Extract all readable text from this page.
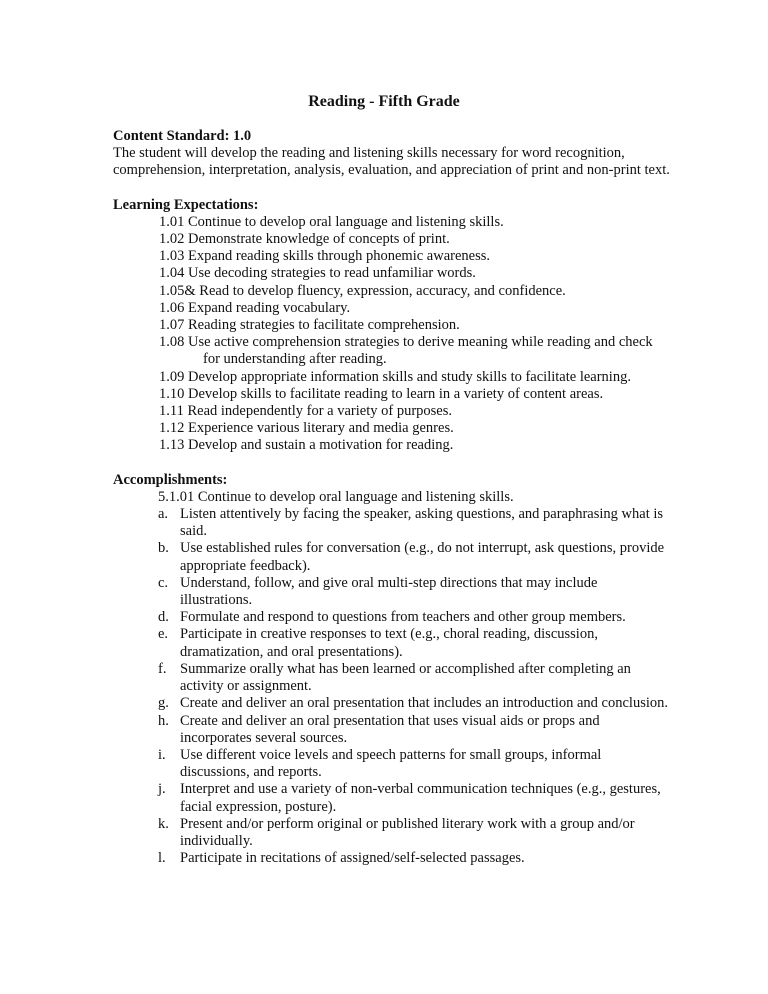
Reading - Fifth Grade

Content Standard: 1.0

The student will develop the reading and listening skills necessary for word recognition, comprehension, interpretation, analysis, evaluation, and appreciation of print and non-print text.

Learning Expectations:

1.01 Continue to develop oral language and listening skills.
1.02 Demonstrate knowledge of concepts of print.
1.03 Expand reading skills through phonemic awareness.
1.04 Use decoding strategies to read unfamiliar words.
1.05& Read to develop fluency, expression, accuracy, and confidence.
1.06 Expand reading vocabulary.
1.07 Reading strategies to facilitate comprehension.
1.08 Use active comprehension strategies to derive meaning while reading and check for understanding after reading.
1.09 Develop appropriate information skills and study skills to facilitate learning.
1.10 Develop skills to facilitate reading to learn in a variety of content areas.
1.11 Read independently for a variety of purposes.
1.12 Experience various literary and media genres.
1.13 Develop and sustain a motivation for reading.

Accomplishments:

5.1.01 Continue to develop oral language and listening skills.

a. Listen attentively by facing the speaker, asking questions, and paraphrasing what is said.
b. Use established rules for conversation (e.g., do not interrupt, ask questions, provide appropriate feedback).
c. Understand, follow, and give oral multi-step directions that may include illustrations.
d. Formulate and respond to questions from teachers and other group members.
e. Participate in creative responses to text (e.g., choral reading, discussion, dramatization, and oral presentations).
f. Summarize orally what has been learned or accomplished after completing an activity or assignment.
g. Create and deliver an oral presentation that includes an introduction and conclusion.
h. Create and deliver an oral presentation that uses visual aids or props and incorporates several sources.
i. Use different voice levels and speech patterns for small groups, informal discussions, and reports.
j. Interpret and use a variety of non-verbal communication techniques (e.g., gestures, facial expression, posture).
k. Present and/or perform original or published literary work with a group and/or individually.
l. Participate in recitations of assigned/self-selected passages.
